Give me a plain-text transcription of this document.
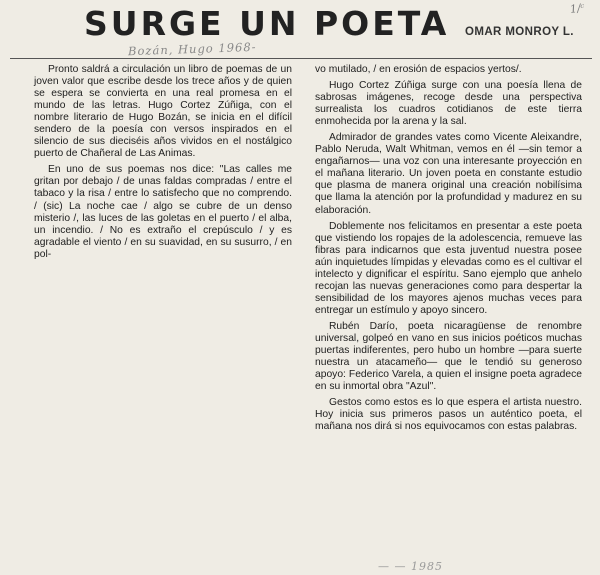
SURGE UN POETA OMAR MONROY L.
1/ᶜ
Bozán, Hugo 1968-

Pronto saldrá a circulación un libro de poemas de un joven valor que escribe desde los trece años y de quien se espera se convierta en una real promesa en el mundo de las letras. Hugo Cortez Zúñiga, con el nombre literario de Hugo Bozán, se inicia en el difícil sendero de la poesía con versos inspirados en el silencio de sus dieciséis años vividos en el nostálgico puerto de Chañeral de Las Animas.

En uno de sus poemas nos dice: "Las calles me gritan por debajo / de unas faldas compradas / entre el tabaco y la risa / entre lo satisfecho que no comprendo. / (sic) La noche cae / algo se cubre de un denso misterio /, las luces de las goletas en el puerto / el alba, un incendio. / No es extraño el crepúsculo / y es agradable el viento / en su suavidad, en su susurro, / en pol-

vo mutilado, / en erosión de espacios yertos/.

Hugo Cortez Zúñiga surge con una poesía llena de sabrosas imágenes, recoge desde una perspectiva surrealista los cuadros cotidianos de este tierra enmohecida por la arena y la sal.

Admirador de grandes vates como Vicente Aleixandre, Pablo Neruda, Walt Whitman, vemos en él —sin temor a engañarnos— una voz con una interesante proyección en el mañana literario. Un joven poeta en constante estudio que plasma de manera original una creación nobilísima que llama la atención por la profundidad y madurez en su elaboración.

Doblemente nos felicitamos en presentar a este poeta que vistiendo los ropajes de la adolescencia, remueve las fibras para indicarnos que esta juventud nuestra posee aún inquietudes límpidas y elevadas como es el cultivar el intelecto y dignificar el espíritu. Sano ejemplo que anhelo recojan las nuevas generaciones como para despertar la sensibilidad de los mayores ajenos muchas veces para entregar un estímulo y apoyo sincero.

Rubén Darío, poeta nicaragüense de renombre universal, golpeó en vano en sus inicios poéticos muchas puertas indiferentes, pero hubo un hombre —para suerte nuestra un atacameño— que le tendió su generoso apoyo: Federico Varela, a quien el insigne poeta agradece en su inmortal obra "Azul".

Gestos como estos es lo que espera el artista nuestro. Hoy inicia sus primeros pasos un auténtico poeta, el mañana nos dirá si nos equivocamos con estas palabras.

— — 1985
